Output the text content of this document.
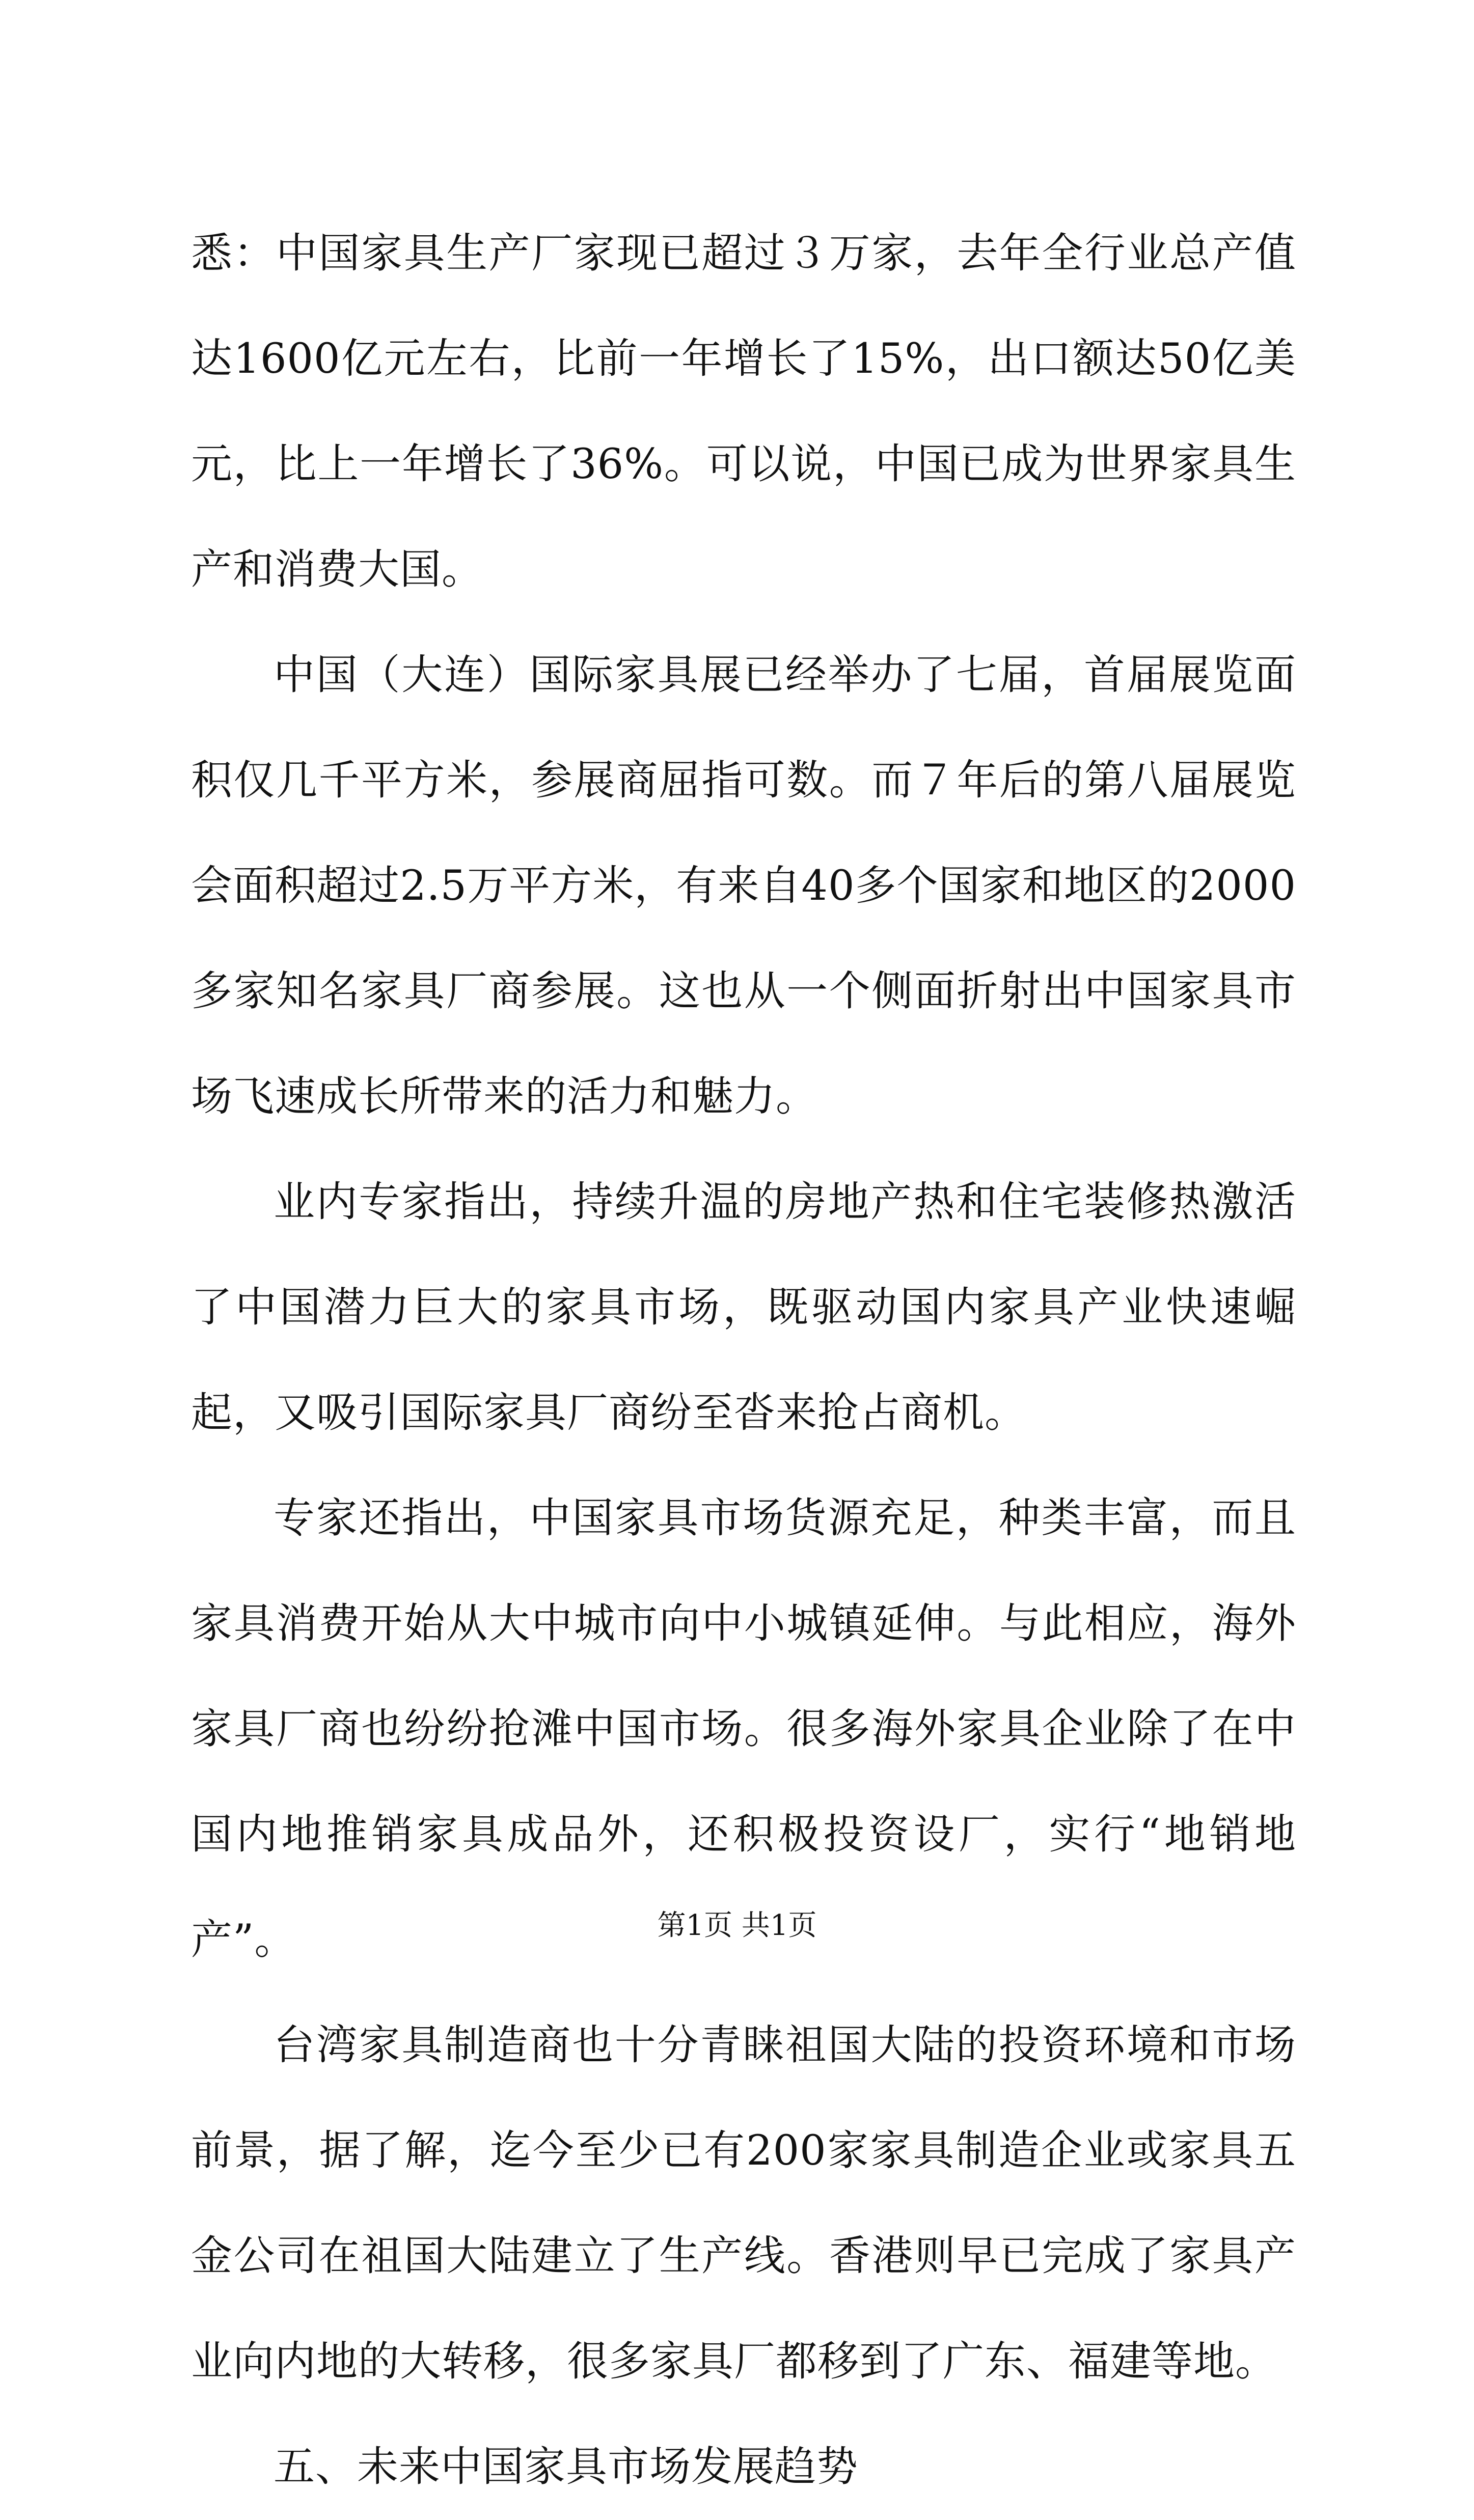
悉：中国家具生产厂家现已超过３万家，去年全行业总产值达1600亿元左右，比前一年增长了15%，出口额达50亿美元，比上一年增长了36%。可以说，中国已成为世界家具生产和消费大国。

中国（大连）国际家具展已经举办了七届，首届展览面积仅几千平方米，参展商屈指可数。而７年后的第八届展览会面积超过2.5万平方米，有来自40多个国家和地区的2000多家知名家具厂商参展。这也从一个侧面折射出中国家具市场飞速成长所带来的活力和魅力。

业内专家指出，持续升温的房地产热和住宅装修热激活了中国潜力巨大的家具市场，既驱动国内家具产业快速崛起，又吸引国际家具厂商纷至沓来抢占商机。

专家还指出，中国家具市场货源充足，种类丰富，而且家具消费开始从大中城市向中小城镇延伸。与此相应，海外家具厂商也纷纷抢滩中国市场。很多海外家具企业除了在中国内地推销家具成品外，还积极投资设厂，实行“地销地产”。

台湾家具制造商也十分青睐祖国大陆的投资环境和市场前景，据了解，迄今至少已有200家家具制造企业或家具五金公司在祖国大陆建立了生产线。香港则早已完成了家具产业向内地的大转移，很多家具厂都移到了广东、福建等地。

五、未来中国家具市场发展趋势

第1页 共1页
